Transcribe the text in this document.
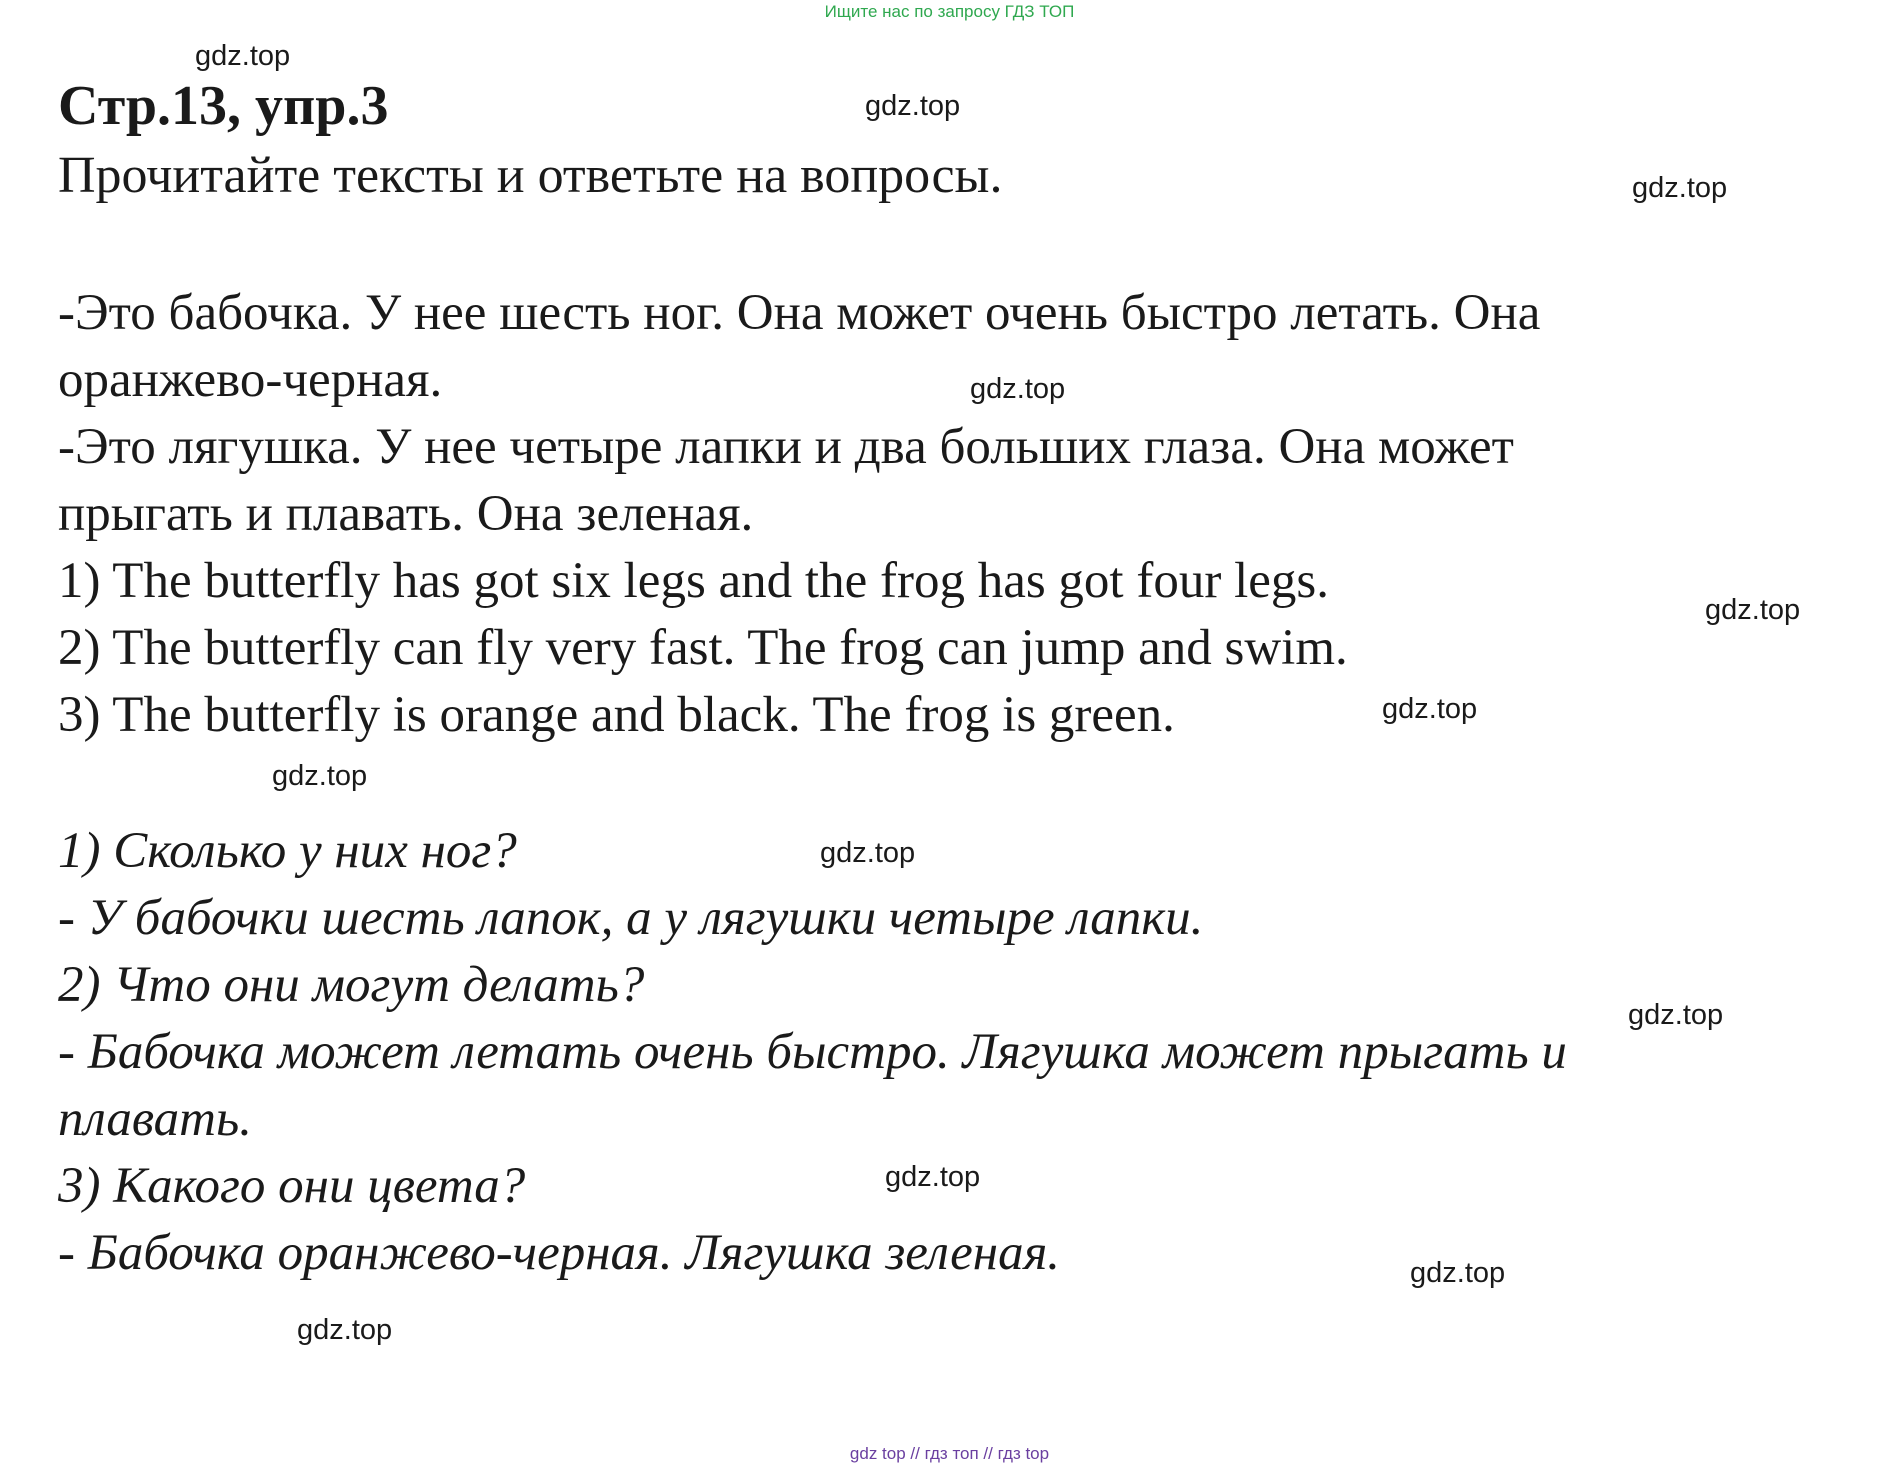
Ищите нас по запросу ГДЗ ТОП
Стр.13, упр.3

Прочитайте тексты и ответьте на вопросы.

-Это бабочка. У нее шесть ног. Она может очень быстро летать. Она
оранжево-черная.
-Это лягушка. У нее четыре лапки и два больших глаза. Она может
прыгать и плавать. Она зеленая.
1) The butterfly has got six legs and the frog has got four legs.
2) The butterfly can fly very fast. The frog can jump and swim.
3) The butterfly is orange and black. The frog is green.
1) Сколько у них ног?
- У бабочки шесть лапок, а у лягушки четыре лапки.
2) Что они могут делать?
- Бабочка может летать очень быстро. Лягушка может прыгать и
плавать.
3) Какого они цвета?
- Бабочка оранжево-черная. Лягушка зеленая.
gdz.top
gdz.top
gdz.top
gdz.top
gdz.top
gdz.top
gdz.top
gdz.top
gdz.top
gdz.top
gdz.top
gdz.top
gdz top // гдз топ // гдз top
